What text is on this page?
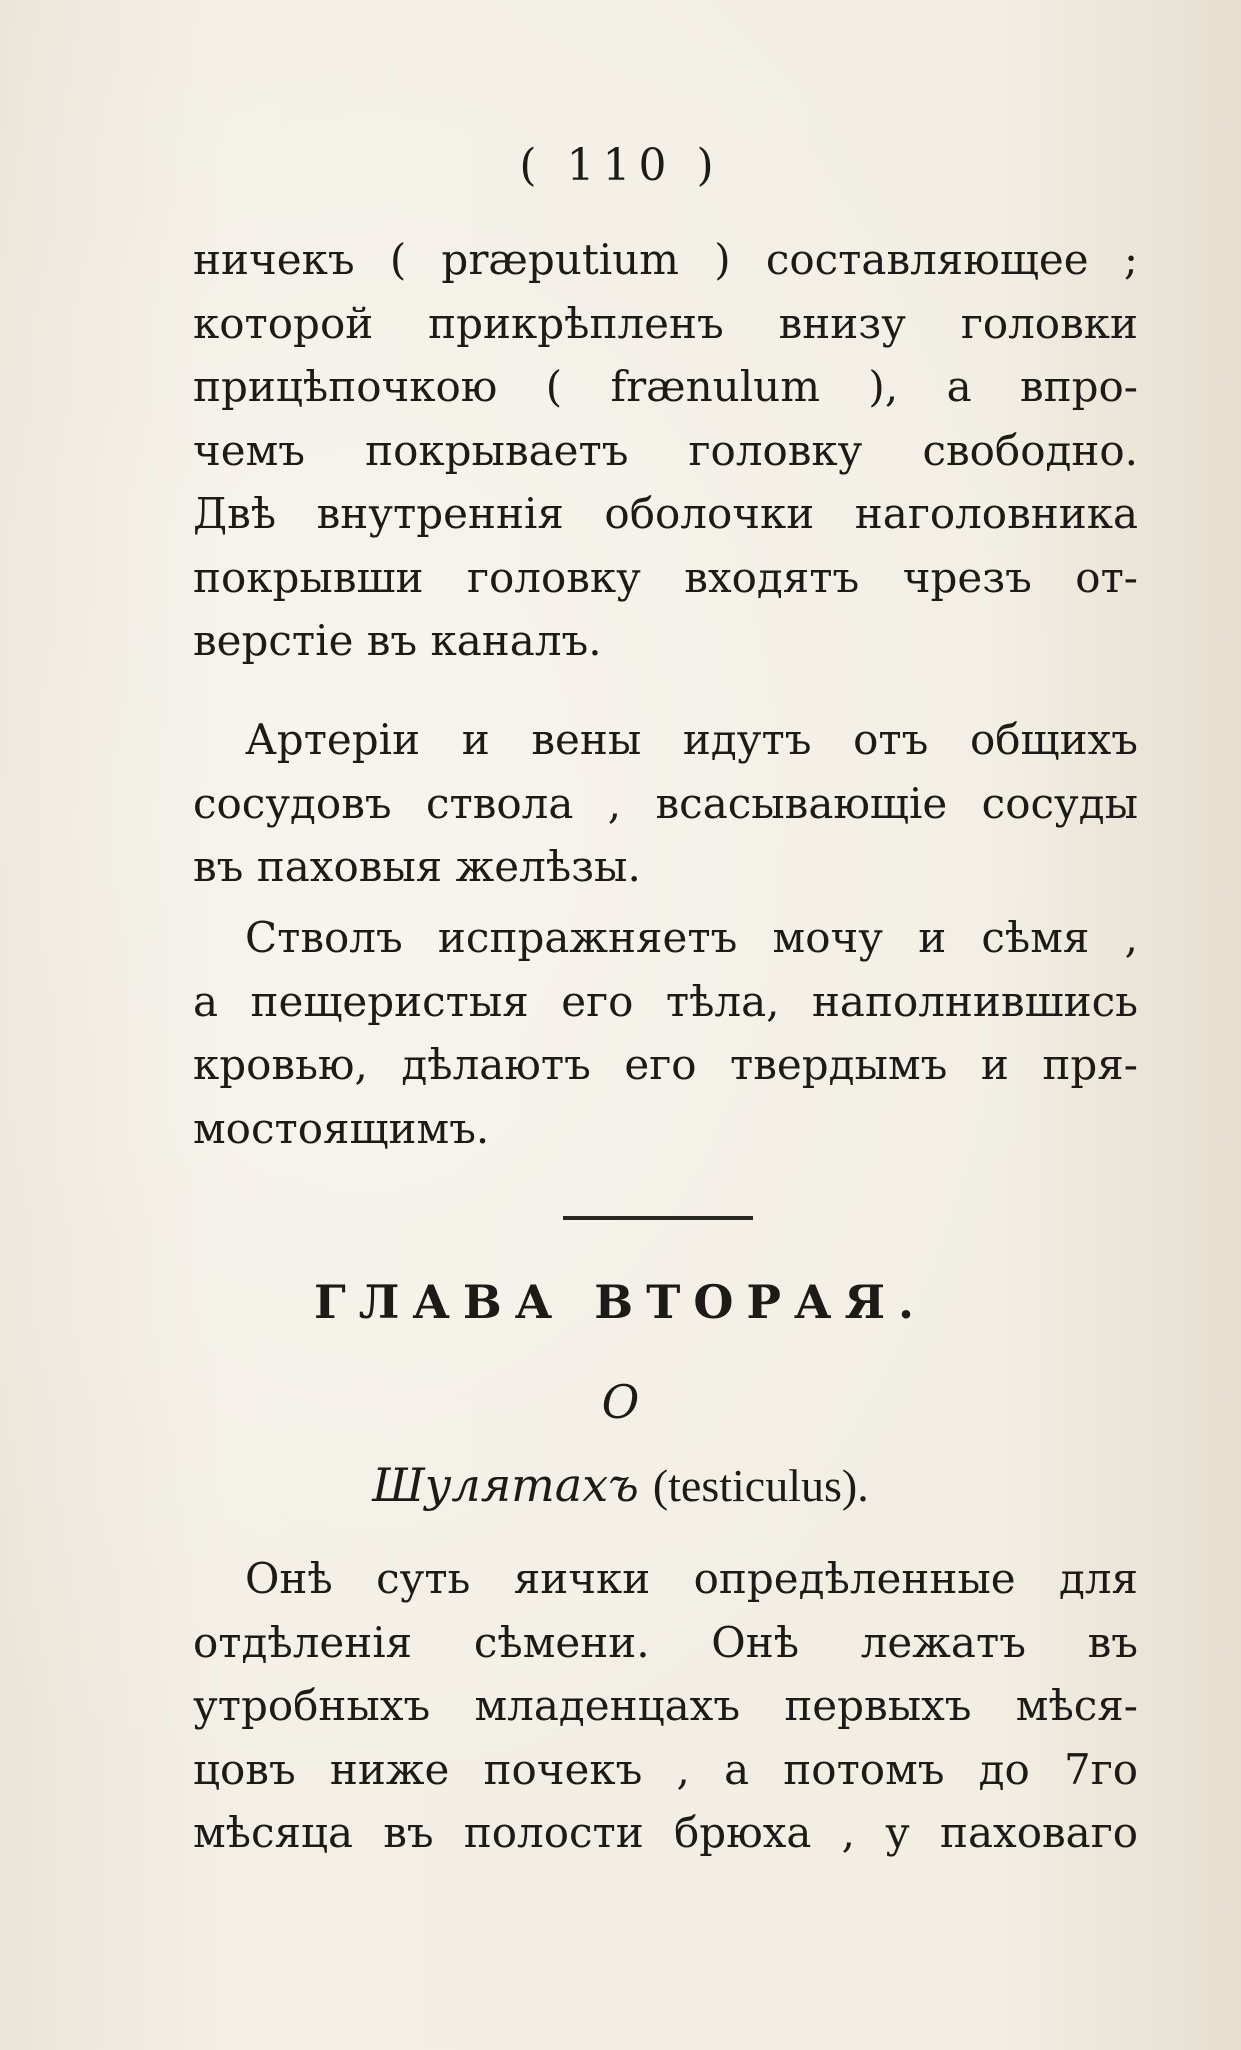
( 110 )

ничекъ ( præputium ) составляющее ;
которой прикрѣпленъ внизу головки
прицѣпочкою ( frænulum ), а впро-
чемъ покрываетъ головку свободно.
Двѣ внутреннія оболочки наголовника
покрывши головку входятъ чрезъ от-
верстіе въ каналъ.

Артеріи и вены идутъ отъ общихъ
сосудовъ ствола , всасывающіе сосуды
въ паховыя желѣзы.

Стволъ испражняетъ мочу и сѣмя ,
а пещеристыя его тѣла, наполнившись
кровью, дѣлаютъ его твердымъ и пря-
мостоящимъ.

ГЛАВА ВТОРАЯ.
О
Шулятахъ (testiculus).

Онѣ суть яички опредѣленные для
отдѣленія сѣмени. Онѣ лежатъ въ
утробныхъ младенцахъ первыхъ мѣся-
цовъ ниже почекъ , а потомъ до 7го
мѣсяца въ полости брюха , у паховаго
